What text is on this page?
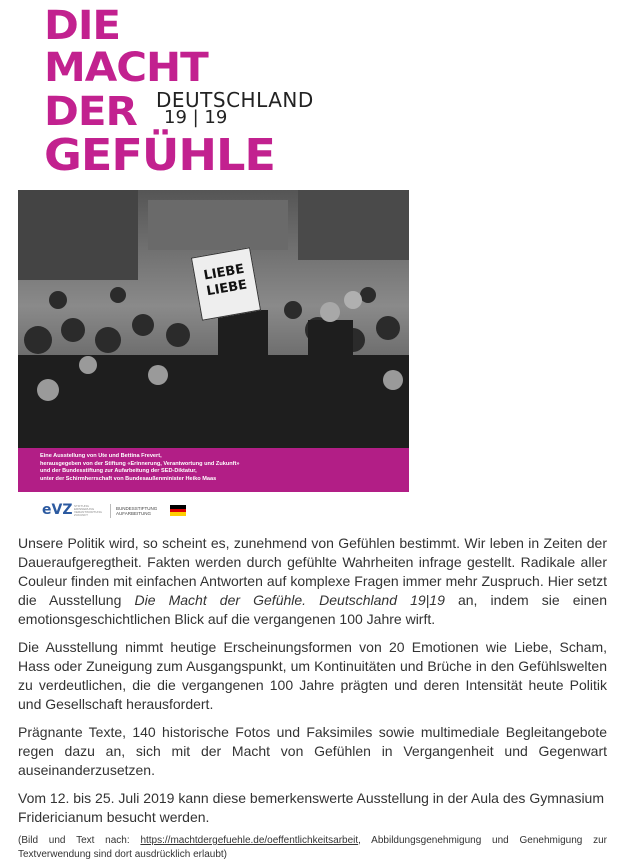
DIE
MACHT
DER
GEFÜHLE
DEUTSCHLAND
19 | 19
LIEBE
LIEBE
Eine Ausstellung von Ute und Bettina Frevert,
herausgegeben von der Stiftung «Erinnerung, Verantwortung und Zukunft»
und der Bundesstiftung zur Aufarbeitung der SED-Diktatur,
unter der Schirmherrschaft von Bundesaußenminister Heiko Maas
eVZ STIFTUNG ERINNERUNG VERANTWORTUNG ZUKUNFT
BUNDESSTIFTUNG
AUFARBEITUNG

Unsere Politik wird, so scheint es, zunehmend von Gefühlen bestimmt. Wir leben in Zeiten der Daueraufgeregtheit. Fakten werden durch gefühlte Wahrheiten infrage gestellt. Radikale aller Couleur finden mit einfachen Antworten auf komplexe Fragen immer mehr Zuspruch. Hier setzt die Ausstellung Die Macht der Gefühle. Deutschland 19|19 an, indem sie einen emotionsgeschichtlichen Blick auf die vergangenen 100 Jahre wirft.

Die Ausstellung nimmt heutige Erscheinungsformen von 20 Emotionen wie Liebe, Scham, Hass oder Zuneigung zum Ausgangspunkt, um Kontinuitäten und Brüche in den Gefühlswelten zu verdeutlichen, die die vergangenen 100 Jahre prägten und deren Intensität heute Politik und Gesellschaft herausfordert.

Prägnante Texte, 140 historische Fotos und Faksimiles sowie multimediale Begleitangebote regen dazu an, sich mit der Macht von Gefühlen in Vergangenheit und Gegenwart auseinanderzusetzen.

Vom 12. bis 25. Juli 2019 kann diese bemerkenswerte Ausstellung in der Aula des Gymnasium Fridericianum besucht werden.

(Bild und Text nach: https://machtdergefuehle.de/oeffentlichkeitsarbeit, Abbildungsgenehmigung und Genehmigung zur Textverwendung sind dort ausdrücklich erlaubt)
